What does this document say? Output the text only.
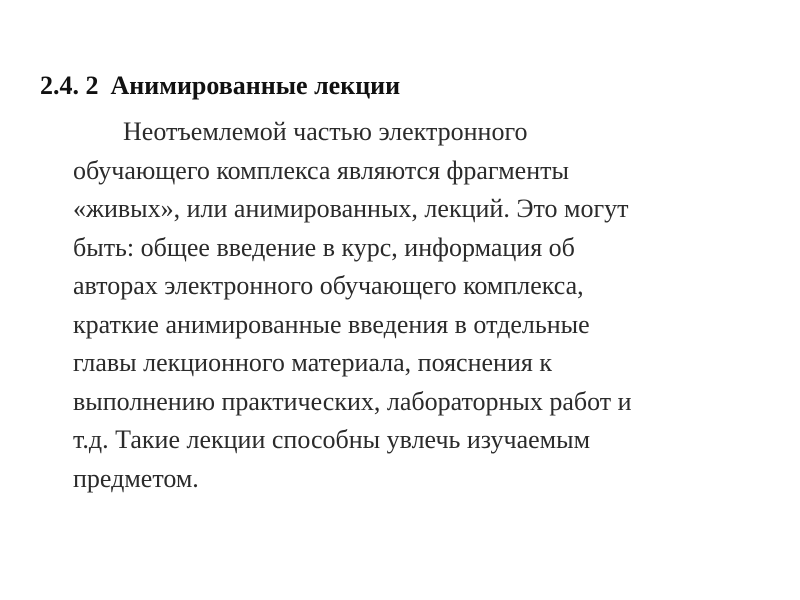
2.4. 2 Анимированные лекции
Неотъемлемой частью электронного
обучающего комплекса являются фрагменты
«живых», или анимированных, лекций. Это могут
быть: общее введение в курс, информация об
авторах электронного обучающего комплекса,
краткие анимированные введения в отдельные
главы лекционного материала, пояснения к
выполнению практических, лабораторных работ и
т.д. Такие лекции способны увлечь изучаемым
предметом.
